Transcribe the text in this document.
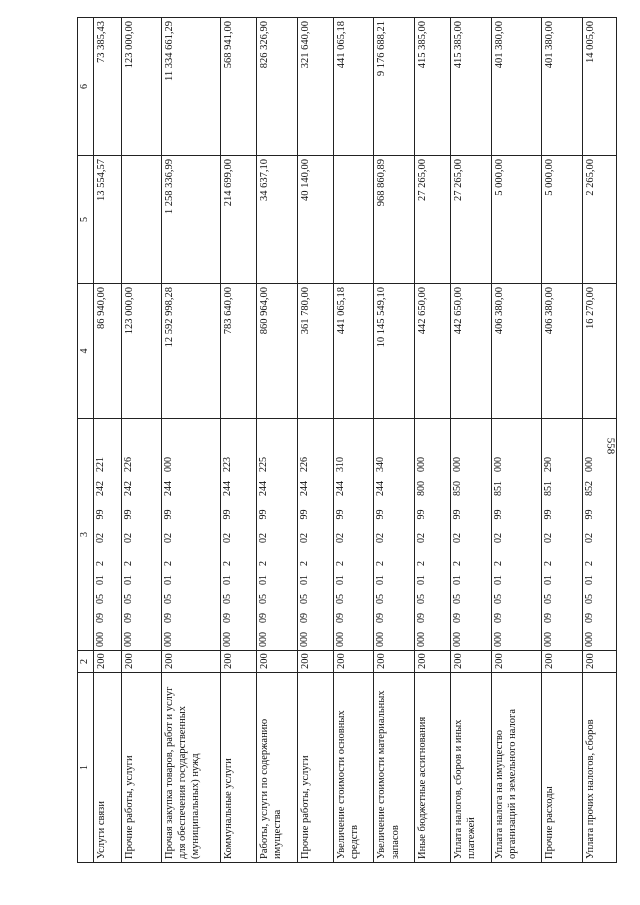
558
1	2	3	4	5	6
Услуги связи	200	000  09  05  01  2    02   99   242  221	86 940,00	13 554,57	73 385,43
Прочие работы, услуги	200	000  09  05  01  2    02   99   242  226	123 000,00		123 000,00
Прочая закупка товаров, работ и услуг для обеспечения государственных (муниципальных) нужд	200	000  09  05  01  2    02   99   244  000	12 592 998,28	1 258 336,99	11 334 661,29
Коммунальные услуги	200	000  09  05  01  2    02   99   244  223	783 640,00	214 699,00	568 941,00
Работы, услуги по содержанию имущества	200	000  09  05  01  2    02   99   244  225	860 964,00	34 637,10	826 326,90
Прочие работы, услуги	200	000  09  05  01  2    02   99   244  226	361 780,00	40 140,00	321 640,00
Увеличение стоимости основных средств	200	000  09  05  01  2    02   99   244  310	441 065,18		441 065,18
Увеличение стоимости материальных запасов	200	000  09  05  01  2    02   99   244  340	10 145 549,10	968 860,89	9 176 688,21
Иные бюджетные ассигнования	200	000  09  05  01  2    02   99   800  000	442 650,00	27 265,00	415 385,00
Уплата налогов, сборов и иных платежей	200	000  09  05  01  2    02   99   850  000	442 650,00	27 265,00	415 385,00
Уплата налога на имущество организаций и земельного налога	200	000  09  05  01  2    02   99   851  000	406 380,00	5 000,00	401 380,00
Прочие расходы	200	000  09  05  01  2    02   99   851  290	406 380,00	5 000,00	401 380,00
Уплата прочих налогов, сборов	200	000  09  05  01  2    02   99   852  000	16 270,00	2 265,00	14 005,00
